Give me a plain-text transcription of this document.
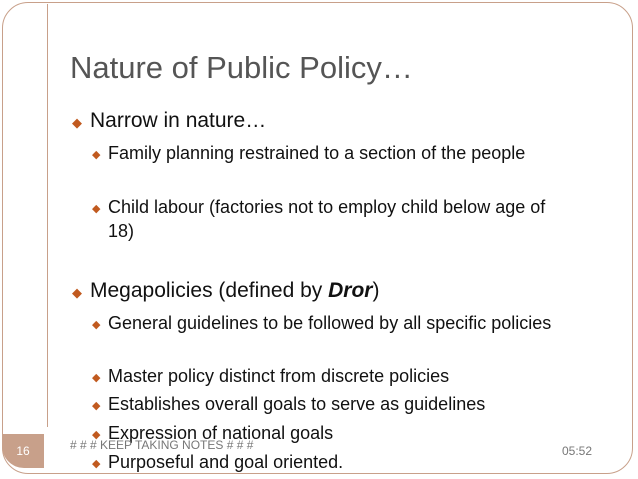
Nature of Public Policy…
◆ Narrow in nature…
◆ Family planning restrained to a section of the people
◆ Child labour (factories not to employ child below age of 18)
◆ Megapolicies (defined by Dror)
◆ General guidelines to be followed by all specific policies
◆ Master policy distinct from discrete policies
◆ Establishes overall goals to serve as guidelines
◆ Expression of national goals
◆ Purposeful and goal oriented.
16	# # # KEEP TAKING NOTES # # #	05:52
